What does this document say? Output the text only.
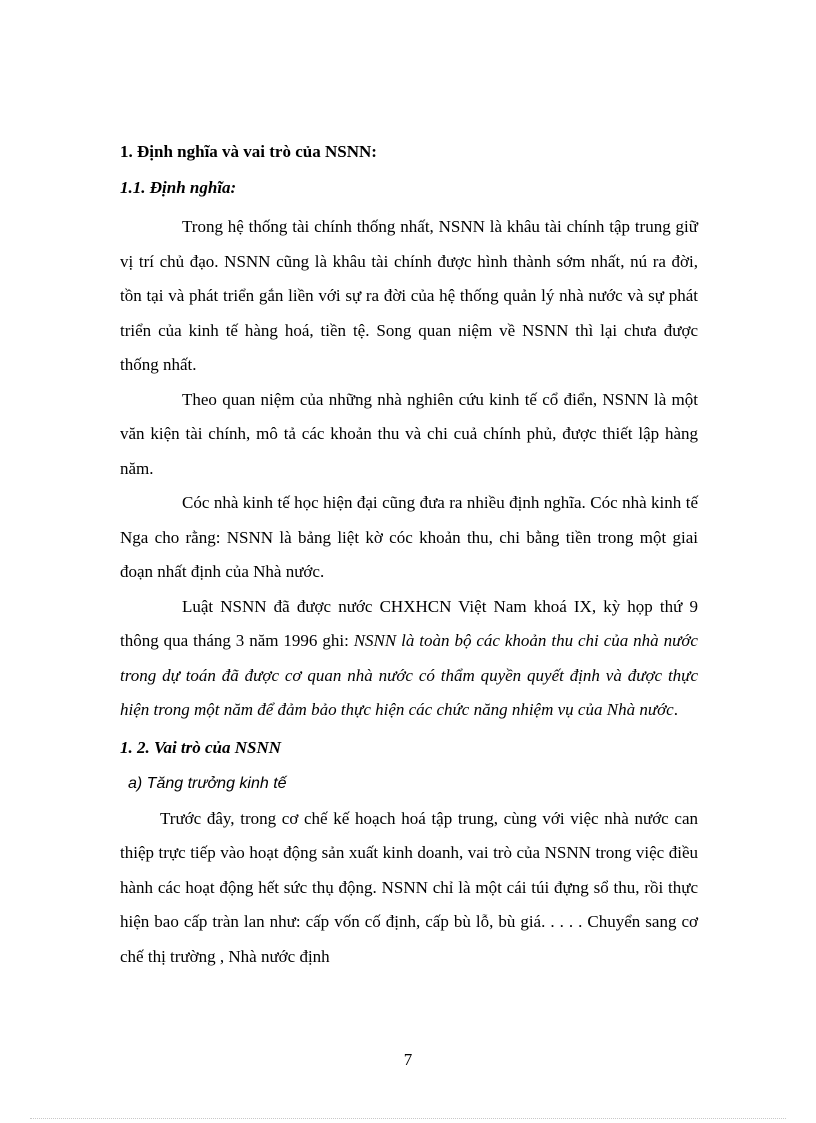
1. Định nghĩa và vai trò của NSNN:
1.1. Định nghĩa:

Trong hệ thống tài chính thống nhất, NSNN là khâu tài chính tập trung giữ vị trí chủ đạo. NSNN cũng là khâu tài chính được hình thành sớm nhất, nú ra đời, tồn tại và phát triển gắn liền với sự ra đời của hệ thống quản lý nhà nước và sự phát triển của kinh tế hàng hoá, tiền tệ. Song quan niệm về NSNN thì lại chưa được thống nhất.

Theo quan niệm của những nhà nghiên cứu kinh tế cổ điển, NSNN là một văn kiện tài chính, mô tả các khoản thu và chi cuả chính phủ, được thiết lập hàng năm.

Cóc nhà kinh tế học hiện đại cũng đưa ra nhiều định nghĩa. Cóc nhà kinh tế Nga cho rằng: NSNN là bảng liệt kờ cóc khoản thu, chi bằng tiền trong một giai đoạn nhất định của Nhà nước.

Luật NSNN đã được nước CHXHCN Việt Nam khoá IX, kỳ họp thứ 9 thông qua tháng 3 năm 1996 ghi: NSNN là toàn bộ các khoản thu chi của nhà nước trong dự toán đã được cơ quan nhà nước có thẩm quyền quyết định và được thực hiện trong một năm để đảm bảo thực hiện các chức năng nhiệm vụ của Nhà nước.

1. 2. Vai trò của NSNN
a) Tăng trưởng kinh tế

Trước đây, trong cơ chế kế hoạch hoá tập trung, cùng với việc nhà nước can thiệp trực tiếp vào hoạt động sản xuất kinh doanh, vai trò của NSNN trong việc điều hành các hoạt động hết sức thụ động. NSNN chỉ là một cái túi đựng sổ thu, rồi thực hiện bao cấp tràn lan như: cấp vốn cố định, cấp bù lỗ, bù giá. . . . . Chuyển sang cơ chế thị trường , Nhà nước định

7
